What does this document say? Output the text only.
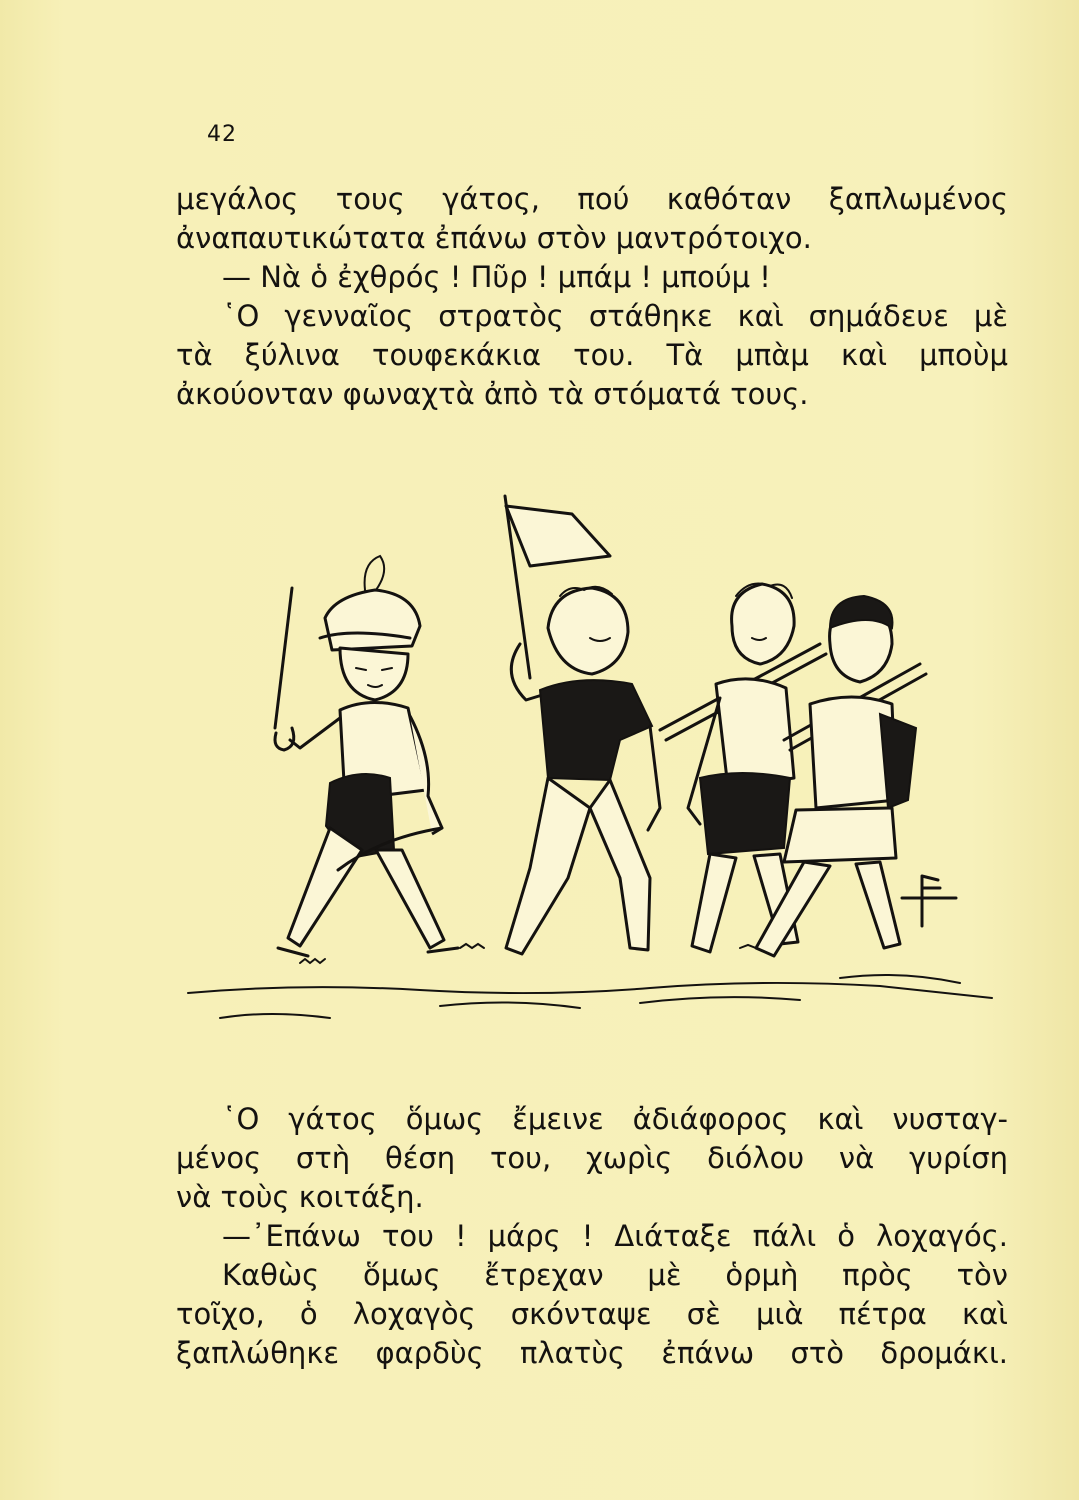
42
μεγάλος τους γάτος, πού καθόταν ξαπλωμένος
ἀναπαυτικώτατα ἐπάνω στὸν μαντρότοιχο.
— Νὰ ὁ ἐχθρός ! Πῦρ ! μπάμ ! μπούμ !
῾Ο γενναῖος στρατὸς στάθηκε καὶ σημάδευε μὲ
τὰ ξύλινα τουφεκάκια του. Τὰ μπὰμ καὶ μποὺμ
ἀκούονταν φωναχτὰ ἀπὸ τὰ στόματά τους.
῾Ο γάτος ὅμως ἔμεινε ἀδιάφορος καὶ νυσταγ-
μένος στὴ θέση του, χωρὶς διόλου νὰ γυρίση
νὰ τοὺς κοιτάξη.
—᾿Επάνω του ! μάρς ! Διάταξε πάλι ὁ λοχαγός.
Καθὼς ὅμως ἔτρεχαν μὲ ὁρμὴ πρὸς τὸν
τοῖχο, ὁ λοχαγὸς σκόνταψε σὲ μιὰ πέτρα καὶ
ξαπλώθηκε φαρδὺς πλατὺς ἐπάνω στὸ δρομάκι.
